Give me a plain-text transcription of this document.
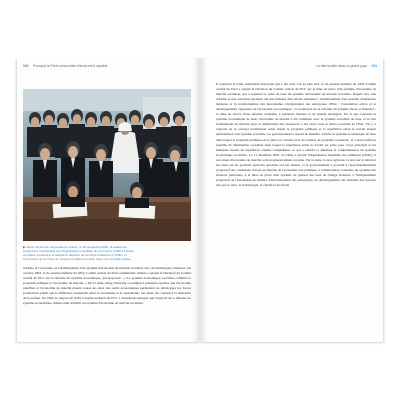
040 Pourquoi le Parti communiste chinois est-il capable
▶Après 15 ans de négociations ardues, le 10 novembre 2001, la quatrième conférence ministérielle de l'Organisation mondiale du commerce (OMC) à Doha, au Qatar, a examiné et adopté la décision de la Chine d'adhérer à l'OMC, et l'accession de la Chine au niveau mondial est entrée dans une nouvelle phase.

réforme et l'ouverture en l'établissement d'un système d'économie de marché socialiste aux caractéristiques chinoises. En octobre 1993, la 3e session plénière du XIVe Comité central du Parti communiste chinois a adopté la Décision du Comité central du PCC sur la réforme du système économique, qui proposait : « Le système économique socialiste combine la propriété publique et l'économie de marché. » Par la suite, Deng Xiaoping a souligné à plusieurs reprises que l'économie planifiée et l'économie de marché étaient toutes les deux des outils économiques permettant de développer les forces productives plutôt que la différence essentielle entre le socialisme et le capitalisme. Ses idées ont conduit à la libération de la pensée. En 1992, le rapport du XIVe Congrès national du PCC a clairement souligné que l'objectif de la réforme du système économique chinois était d'établir un système d'économie de marché socialiste.

La démocratie dans un grand pays 041

Il s'agissait là d'une réalisation historique qui a fait date. Un an plus tard, la 3e session plénière du XIVe Comité central du Parti a adopté la Décision du Comité central du PCC sur la mise en place d'un système d'économie de marché socialiste, qui a esquissé le cadre de base du système d'économie de marché socialiste. Depuis lors, une réforme et une ouverture globales ont été réalisées dans divers domaines : l'établissement d'un système d'entreprise moderne et la transformation des mécanismes d'exploitation des entreprises d'État ; l'orientation active et le développement vigoureux de l'économie non publique ; la promotion de la réforme du système fiscal et financier ; la mise en œuvre d'une réforme complète, à plusieurs niveaux et de grande envergure. En ce qui concerne le système économique de base, l'économie de marché a été combinée avec le système socialiste de base, et le rôle fondamental du marché pour la distribution des ressources a été placé sous le macro-contrôle de l'État. S'il y a toujours eu le concept traditionnel selon lequel la propriété publique et la répartition selon le travail étaient équivalentes à un système socialiste. Le gouvernement a réparti de manière créative le système économique de base dans lequel la propriété publique est le pilier et coexiste avec les formes de propriété coexistent ; il a aussi défini le système de distribution socialiste dans lequel la répartition selon le travail est prise pour corps principal et les multiples modes de répartition comme complément, ce qui a enrichi et amélioré la compréhension du système économique socialiste. Le 11 décembre 2001, la Chine a rejoint l'Organisation mondiale du commerce (OMC) et son statut d'économie de marché a été progressivement reconnu. Par la suite, la taxe agricole, la taxe sur le bétail et les taxes sur les produits agricoles spéciaux ont été abolies, et le gouvernement a procédé à l'approfondissement progressif des conditions d'accès au marché de l'économie non publique, à l'amélioration constante du système des finances publiques, à la mise en place d'un système de gestion des taux de change flottants, à l'élargissement progressif de l'autonomie en matière d'investissement des entreprises, au développement des marchés des facteurs tels que la terre, la technologie, le capital et les droits
